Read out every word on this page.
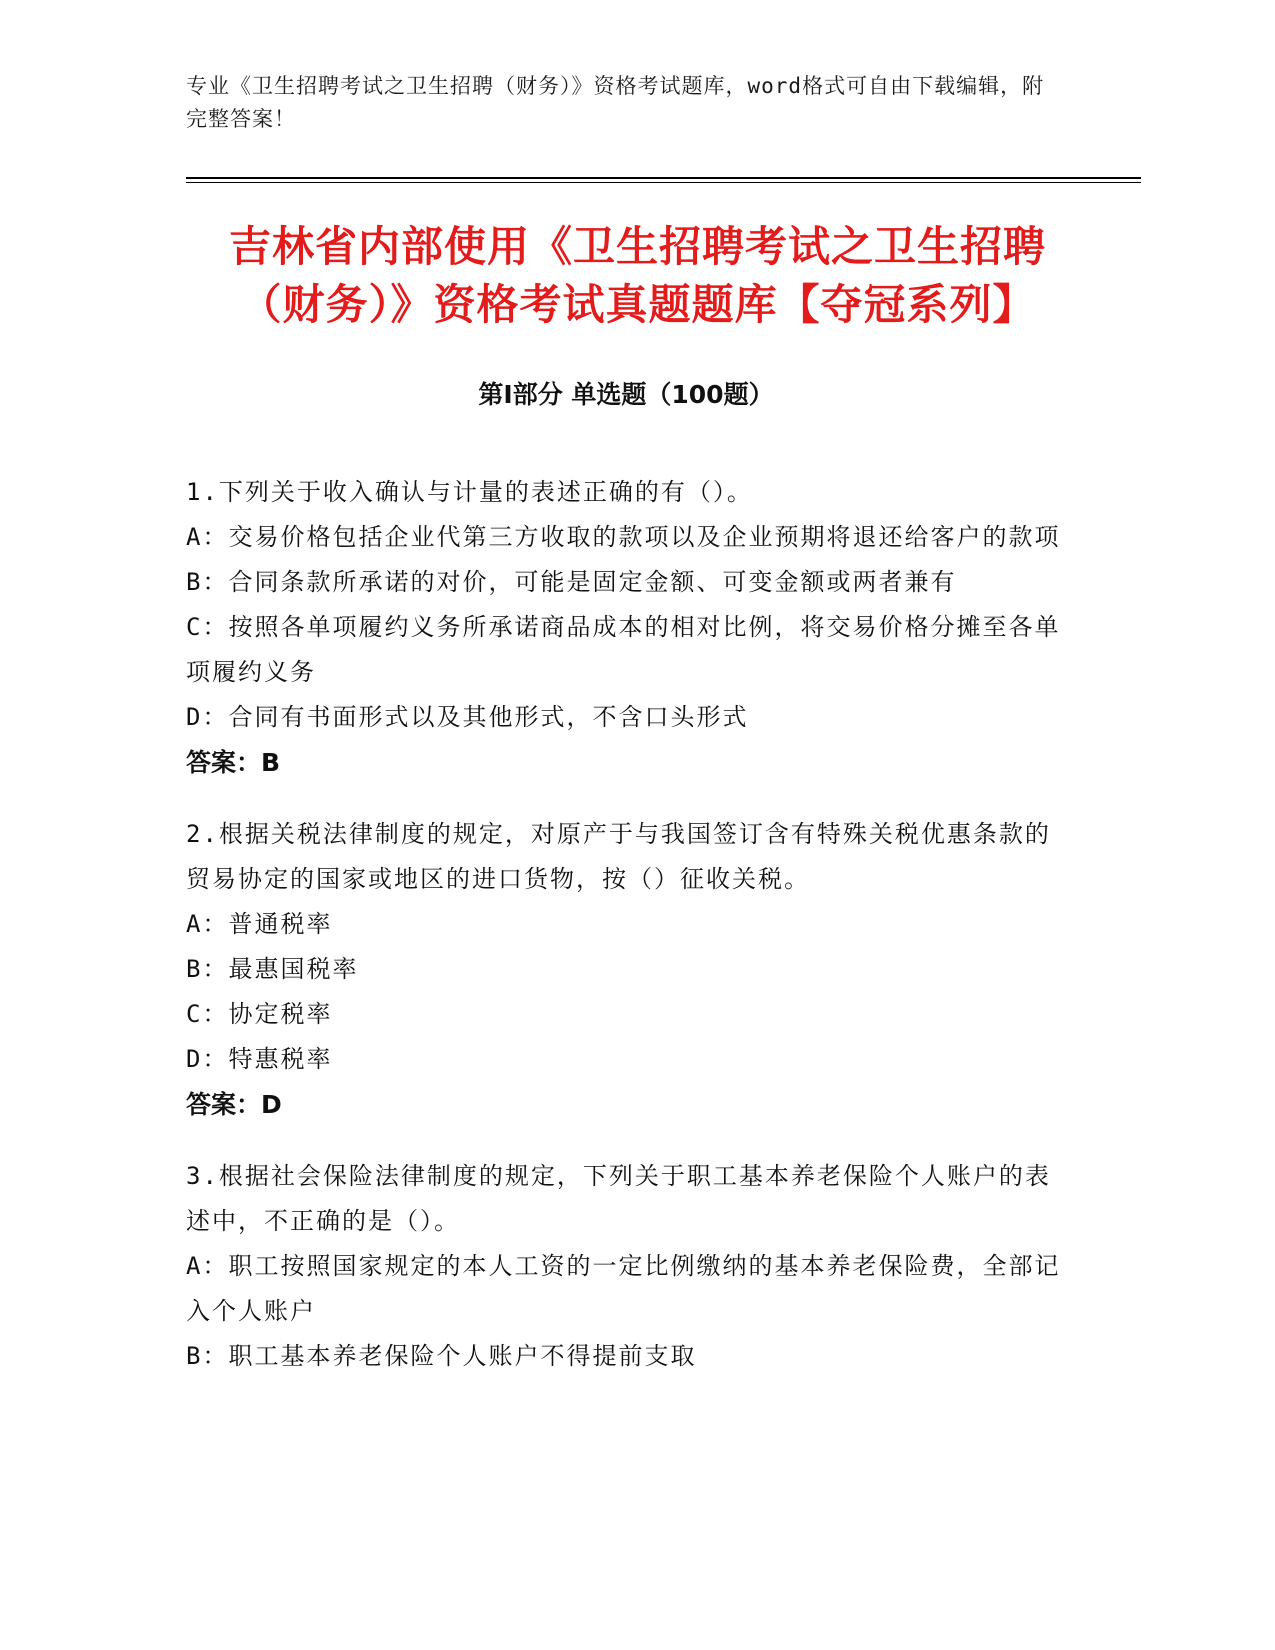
专业《卫生招聘考试之卫生招聘（财务）》资格考试题库，word格式可自由下载编辑，附完整答案！
吉林省内部使用《卫生招聘考试之卫生招聘
（财务）》资格考试真题题库【夺冠系列】
第Ⅰ部分 单选题（100题）
1.下列关于收入确认与计量的表述正确的有（）。
A：交易价格包括企业代第三方收取的款项以及企业预期将退还给客户的款项
B：合同条款所承诺的对价，可能是固定金额、可变金额或两者兼有
C：按照各单项履约义务所承诺商品成本的相对比例，将交易价格分摊至各单项履约义务
D：合同有书面形式以及其他形式，不含口头形式
答案：B
2.根据关税法律制度的规定，对原产于与我国签订含有特殊关税优惠条款的贸易协定的国家或地区的进口货物，按（）征收关税。
A：普通税率
B：最惠国税率
C：协定税率
D：特惠税率
答案：D
3.根据社会保险法律制度的规定，下列关于职工基本养老保险个人账户的表述中，不正确的是（）。
A：职工按照国家规定的本人工资的一定比例缴纳的基本养老保险费，全部记入个人账户
B：职工基本养老保险个人账户不得提前支取
